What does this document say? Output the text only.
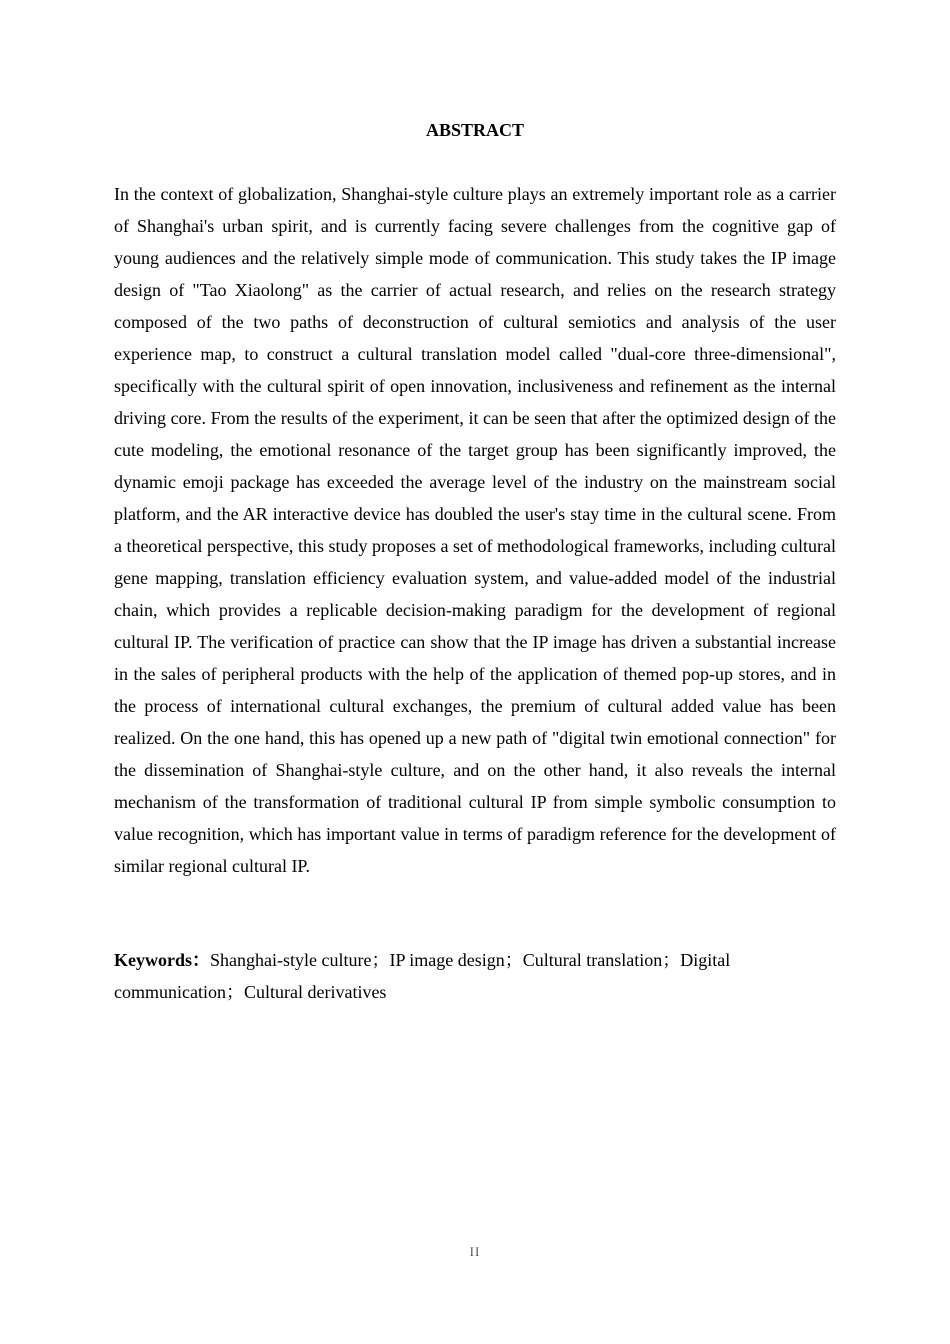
ABSTRACT

In the context of globalization, Shanghai-style culture plays an extremely important role as a carrier of Shanghai's urban spirit, and is currently facing severe challenges from the cognitive gap of young audiences and the relatively simple mode of communication. This study takes the IP image design of "Tao Xiaolong" as the carrier of actual research, and relies on the research strategy composed of the two paths of deconstruction of cultural semiotics and analysis of the user experience map, to construct a cultural translation model called "dual-core three-dimensional", specifically with the cultural spirit of open innovation, inclusiveness and refinement as the internal driving core. From the results of the experiment, it can be seen that after the optimized design of the cute modeling, the emotional resonance of the target group has been significantly improved, the dynamic emoji package has exceeded the average level of the industry on the mainstream social platform, and the AR interactive device has doubled the user's stay time in the cultural scene. From a theoretical perspective, this study proposes a set of methodological frameworks, including cultural gene mapping, translation efficiency evaluation system, and value-added model of the industrial chain, which provides a replicable decision-making paradigm for the development of regional cultural IP. The verification of practice can show that the IP image has driven a substantial increase in the sales of peripheral products with the help of the application of themed pop-up stores, and in the process of international cultural exchanges, the premium of cultural added value has been realized. On the one hand, this has opened up a new path of "digital twin emotional connection" for the dissemination of Shanghai-style culture, and on the other hand, it also reveals the internal mechanism of the transformation of traditional cultural IP from simple symbolic consumption to value recognition, which has important value in terms of paradigm reference for the development of similar regional cultural IP.

Keywords：Shanghai-style culture；IP image design；Cultural translation；Digital communication；Cultural derivatives

II
